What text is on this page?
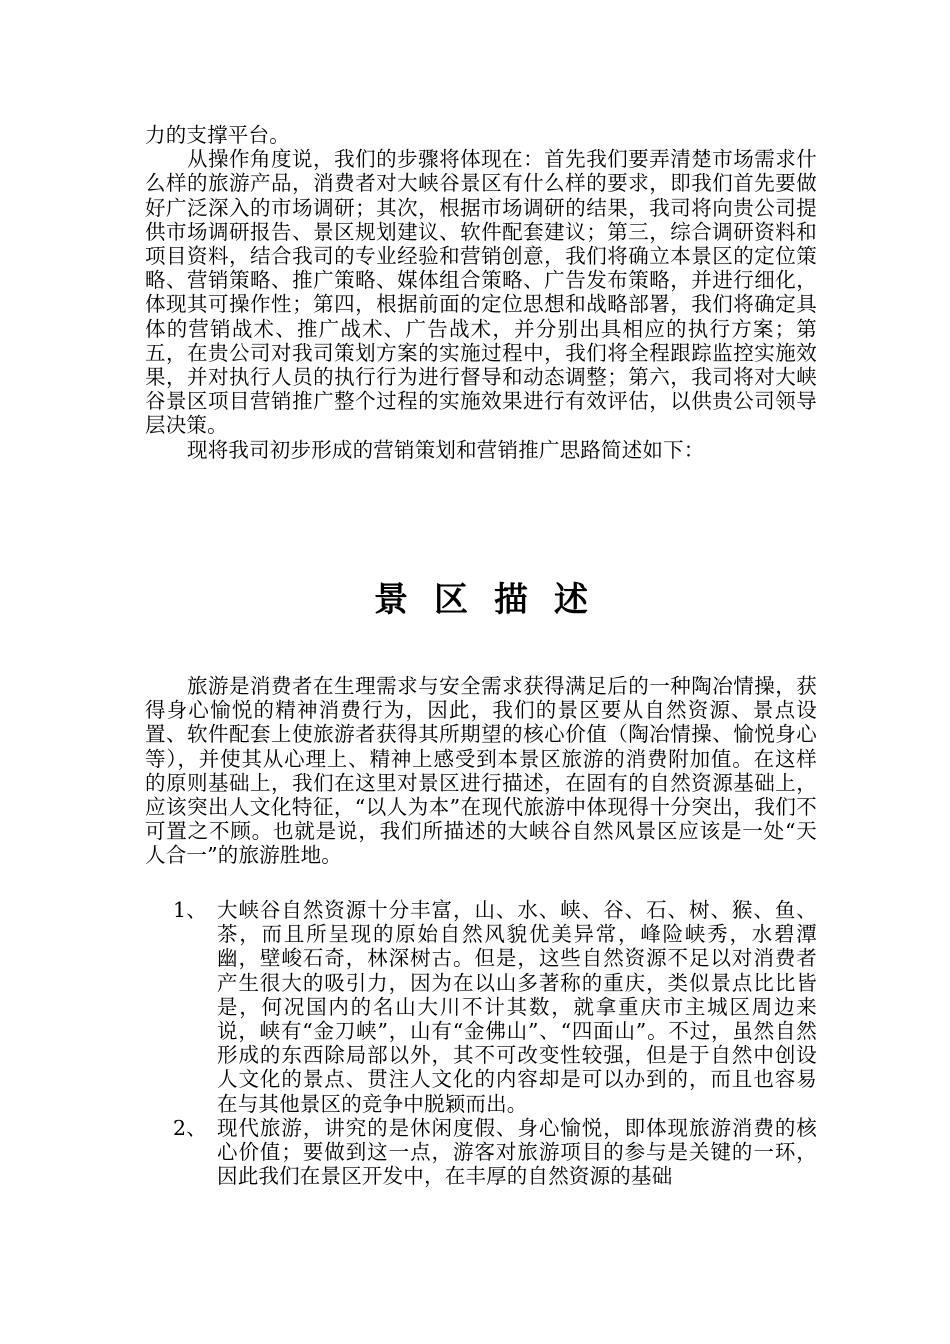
力的支撑平台。

从操作角度说，我们的步骤将体现在：首先我们要弄清楚市场需求什么样的旅游产品，消费者对大峡谷景区有什么样的要求，即我们首先要做好广泛深入的市场调研；其次，根据市场调研的结果，我司将向贵公司提供市场调研报告、景区规划建议、软件配套建议；第三，综合调研资料和项目资料，结合我司的专业经验和营销创意，我们将确立本景区的定位策略、营销策略、推广策略、媒体组合策略、广告发布策略，并进行细化，体现其可操作性；第四，根据前面的定位思想和战略部署，我们将确定具体的营销战术、推广战术、广告战术，并分别出具相应的执行方案；第五，在贵公司对我司策划方案的实施过程中，我们将全程跟踪监控实施效果，并对执行人员的执行行为进行督导和动态调整；第六，我司将对大峡谷景区项目营销推广整个过程的实施效果进行有效评估，以供贵公司领导层决策。

现将我司初步形成的营销策划和营销推广思路简述如下：

景区描述

旅游是消费者在生理需求与安全需求获得满足后的一种陶冶情操，获得身心愉悦的精神消费行为，因此，我们的景区要从自然资源、景点设置、软件配套上使旅游者获得其所期望的核心价值（陶冶情操、愉悦身心等），并使其从心理上、精神上感受到本景区旅游的消费附加值。在这样的原则基础上，我们在这里对景区进行描述，在固有的自然资源基础上，应该突出人文化特征，“以人为本”在现代旅游中体现得十分突出，我们不可置之不顾。也就是说，我们所描述的大峡谷自然风景区应该是一处“天人合一”的旅游胜地。

1、 大峡谷自然资源十分丰富，山、水、峡、谷、石、树、猴、鱼、茶，而且所呈现的原始自然风貌优美异常，峰险峡秀，水碧潭幽，壁峻石奇，林深树古。但是，这些自然资源不足以对消费者产生很大的吸引力，因为在以山多著称的重庆，类似景点比比皆是，何况国内的名山大川不计其数，就拿重庆市主城区周边来说，峡有“金刀峡”，山有“金佛山”、“四面山”。不过，虽然自然形成的东西除局部以外，其不可改变性较强，但是于自然中创设人文化的景点、贯注人文化的内容却是可以办到的，而且也容易在与其他景区的竞争中脱颖而出。
2、 现代旅游，讲究的是休闲度假、身心愉悦，即体现旅游消费的核心价值；要做到这一点，游客对旅游项目的参与是关键的一环，因此我们在景区开发中，在丰厚的自然资源的基础
